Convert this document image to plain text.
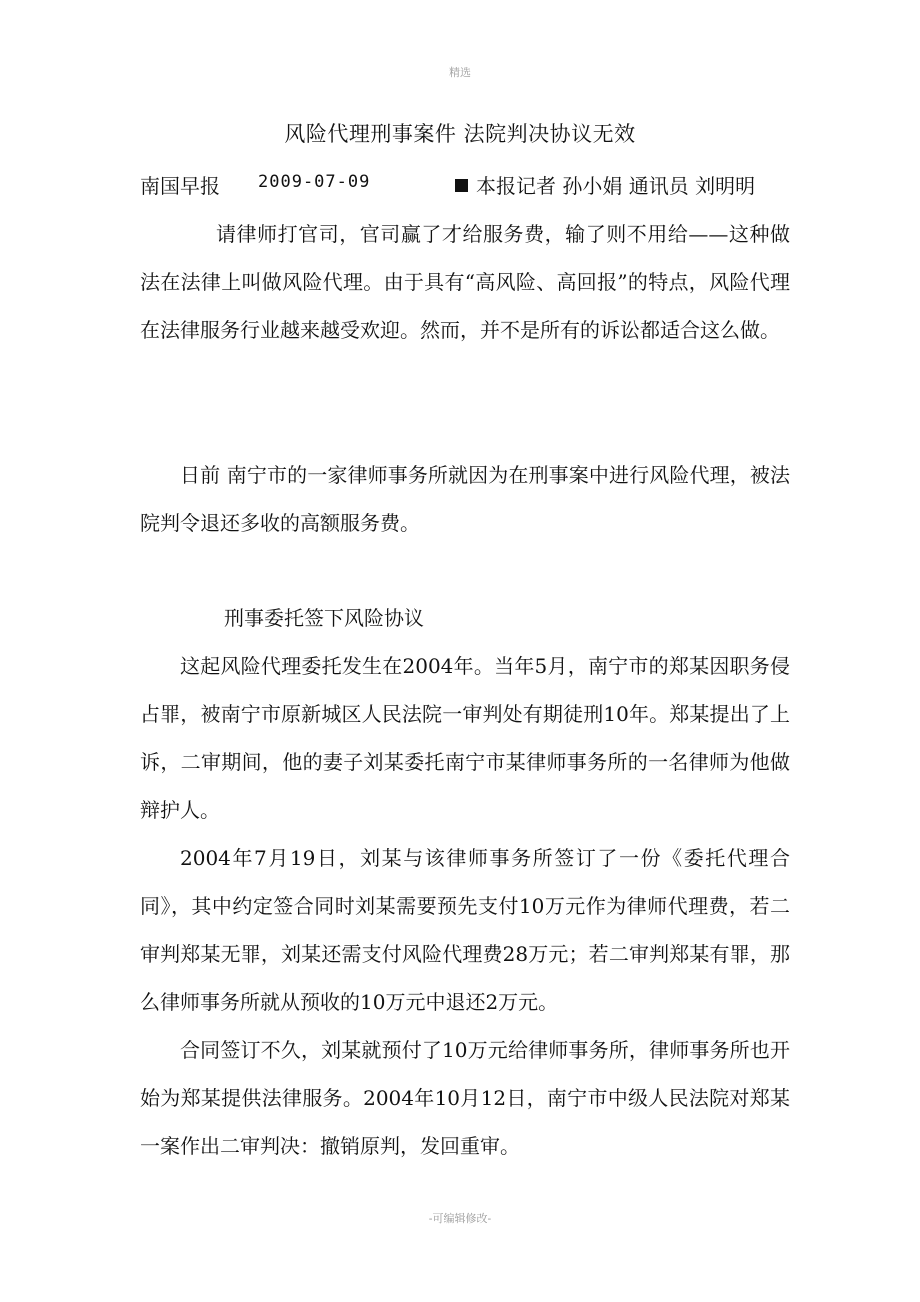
精选
风险代理刑事案件 法院判决协议无效
南国早报 2009-07-09	本报记者 孙小娟 通讯员 刘明明

请律师打官司，官司赢了才给服务费，输了则不用给——这种做法在法律上叫做风险代理。由于具有“高风险、高回报”的特点，风险代理在法律服务行业越来越受欢迎。然而，并不是所有的诉讼都适合这么做。

日前 南宁市的一家律师事务所就因为在刑事案中进行风险代理，被法院判令退还多收的高额服务费。

刑事委托签下风险协议

这起风险代理委托发生在2004年。当年5月，南宁市的郑某因职务侵占罪，被南宁市原新城区人民法院一审判处有期徒刑10年。郑某提出了上诉，二审期间，他的妻子刘某委托南宁市某律师事务所的一名律师为他做辩护人。

2004年7月19日，刘某与该律师事务所签订了一份《委托代理合同》，其中约定签合同时刘某需要预先支付10万元作为律师代理费，若二审判郑某无罪，刘某还需支付风险代理费28万元；若二审判郑某有罪，那么律师事务所就从预收的10万元中退还2万元。

合同签订不久，刘某就预付了10万元给律师事务所，律师事务所也开始为郑某提供法律服务。2004年10月12日，南宁市中级人民法院对郑某一案作出二审判决：撤销原判，发回重审。

-可编辑修改-
